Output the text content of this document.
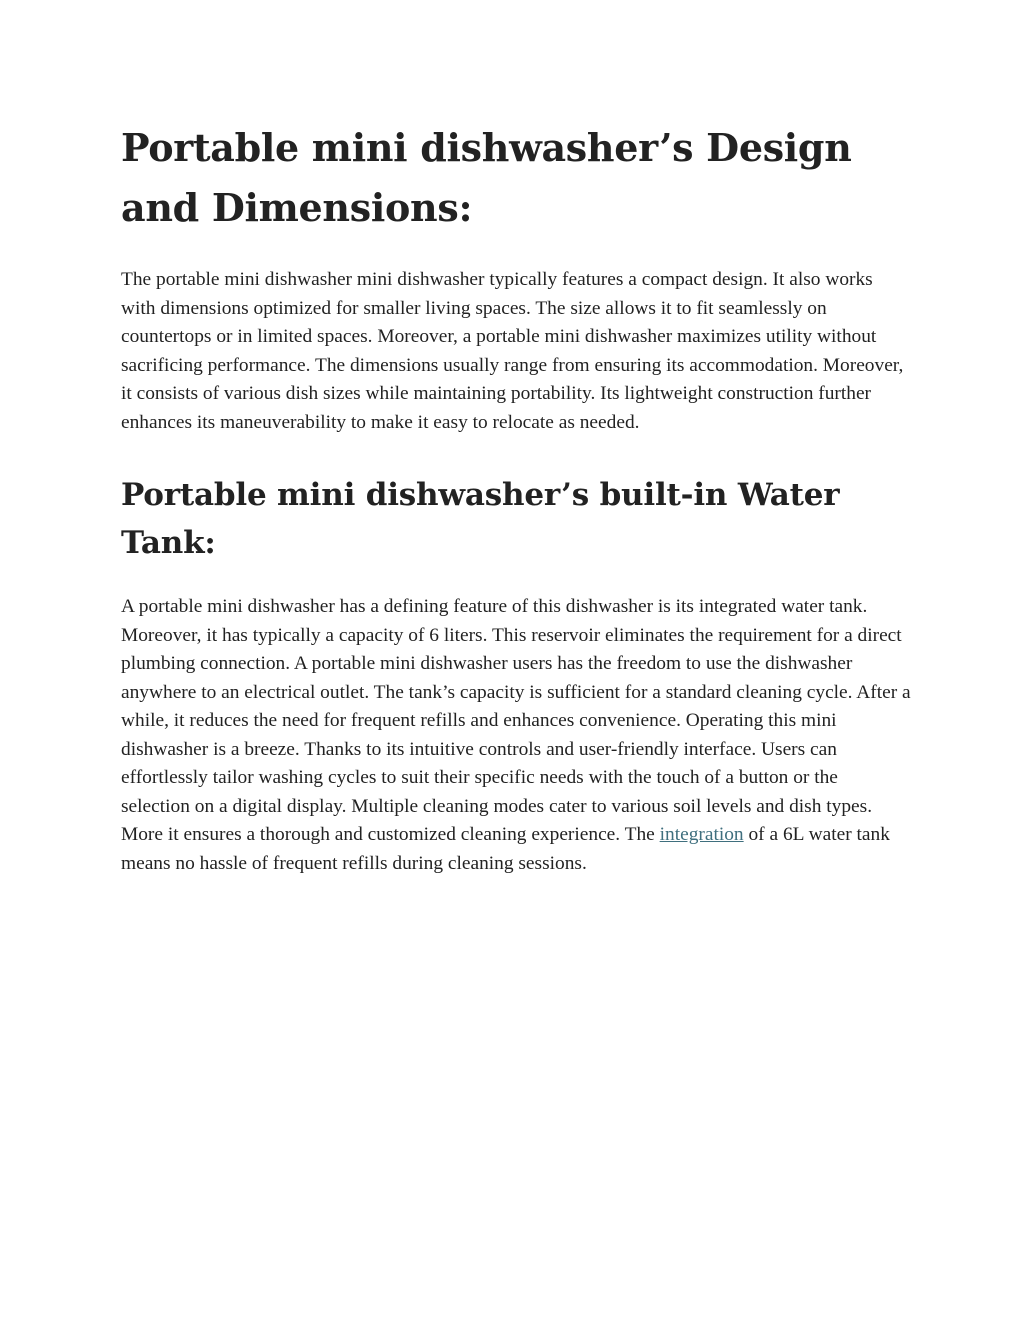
Portable mini dishwasher’s Design and Dimensions:

The portable mini dishwasher mini dishwasher typically features a compact design. It also works with dimensions optimized for smaller living spaces. The size allows it to fit seamlessly on countertops or in limited spaces. Moreover, a portable mini dishwasher maximizes utility without sacrificing performance. The dimensions usually range from ensuring its accommodation. Moreover, it consists of various dish sizes while maintaining portability. Its lightweight construction further enhances its maneuverability to make it easy to relocate as needed.

Portable mini dishwasher’s built-in Water Tank:

A portable mini dishwasher has a defining feature of this dishwasher is its integrated water tank. Moreover, it has typically a capacity of 6 liters. This reservoir eliminates the requirement for a direct plumbing connection. A portable mini dishwasher users has the freedom to use the dishwasher anywhere to an electrical outlet. The tank’s capacity is sufficient for a standard cleaning cycle. After a while, it reduces the need for frequent refills and enhances convenience. Operating this mini dishwasher is a breeze. Thanks to its intuitive controls and user-friendly interface. Users can effortlessly tailor washing cycles to suit their specific needs with the touch of a button or the selection on a digital display. Multiple cleaning modes cater to various soil levels and dish types. More it ensures a thorough and customized cleaning experience. The integration of a 6L water tank means no hassle of frequent refills during cleaning sessions.
